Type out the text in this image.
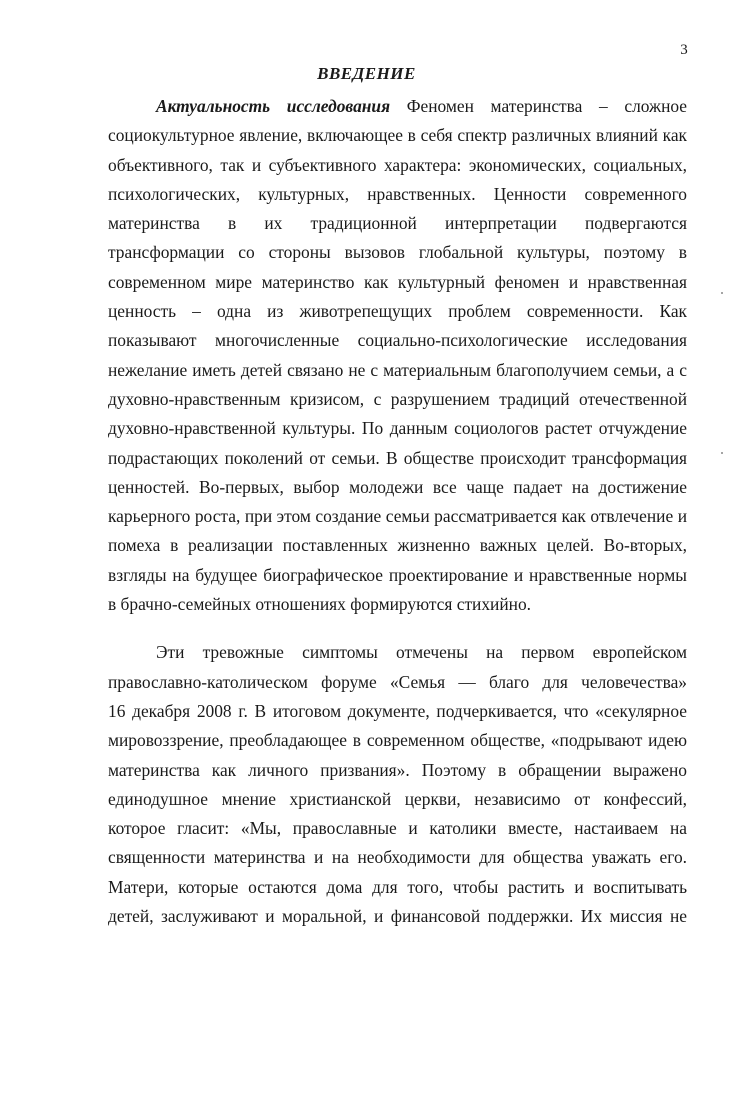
3
ВВЕДЕНИЕ
Актуальность исследования Феномен материнства – сложное
социокультурное явление, включающее в себя спектр различных влияний как
объективного, так и субъективного характера: экономических, социальных,
психологических, культурных, нравственных. Ценности современного
материнства в их традиционной интерпретации подвергаются
трансформации со стороны вызовов глобальной культуры, поэтому в
современном мире материнство как культурный феномен и нравственная
ценность – одна из животрепещущих проблем современности. Как
показывают многочисленные социально-психологические исследования
нежелание иметь детей связано не с материальным благополучием семьи, а с
духовно-нравственным кризисом, с разрушением традиций отечественной
духовно-нравственной культуры. По данным социологов растет отчуждение
подрастающих поколений от семьи. В обществе происходит трансформация
ценностей. Во-первых, выбор молодежи все чаще падает на достижение
карьерного роста, при этом создание семьи рассматривается как отвлечение и
помеха в реализации поставленных жизненно важных целей. Во-вторых,
взгляды на будущее биографическое проектирование и нравственные нормы
в брачно-семейных отношениях формируются стихийно.
Эти тревожные симптомы отмечены на первом европейском
православно-католическом форуме «Семья — благо для человечества»
16 декабря 2008 г. В итоговом документе, подчеркивается, что «секулярное
мировоззрение, преобладающее в современном обществе, «подрывают идею
материнства как личного призвания». Поэтому в обращении выражено
единодушное мнение христианской церкви, независимо от конфессий,
которое гласит: «Мы, православные и католики вместе, настаиваем на
священности материнства и на необходимости для общества уважать его.
Матери, которые остаются дома для того, чтобы растить и воспитывать
детей, заслуживают и моральной, и финансовой поддержки. Их миссия не
